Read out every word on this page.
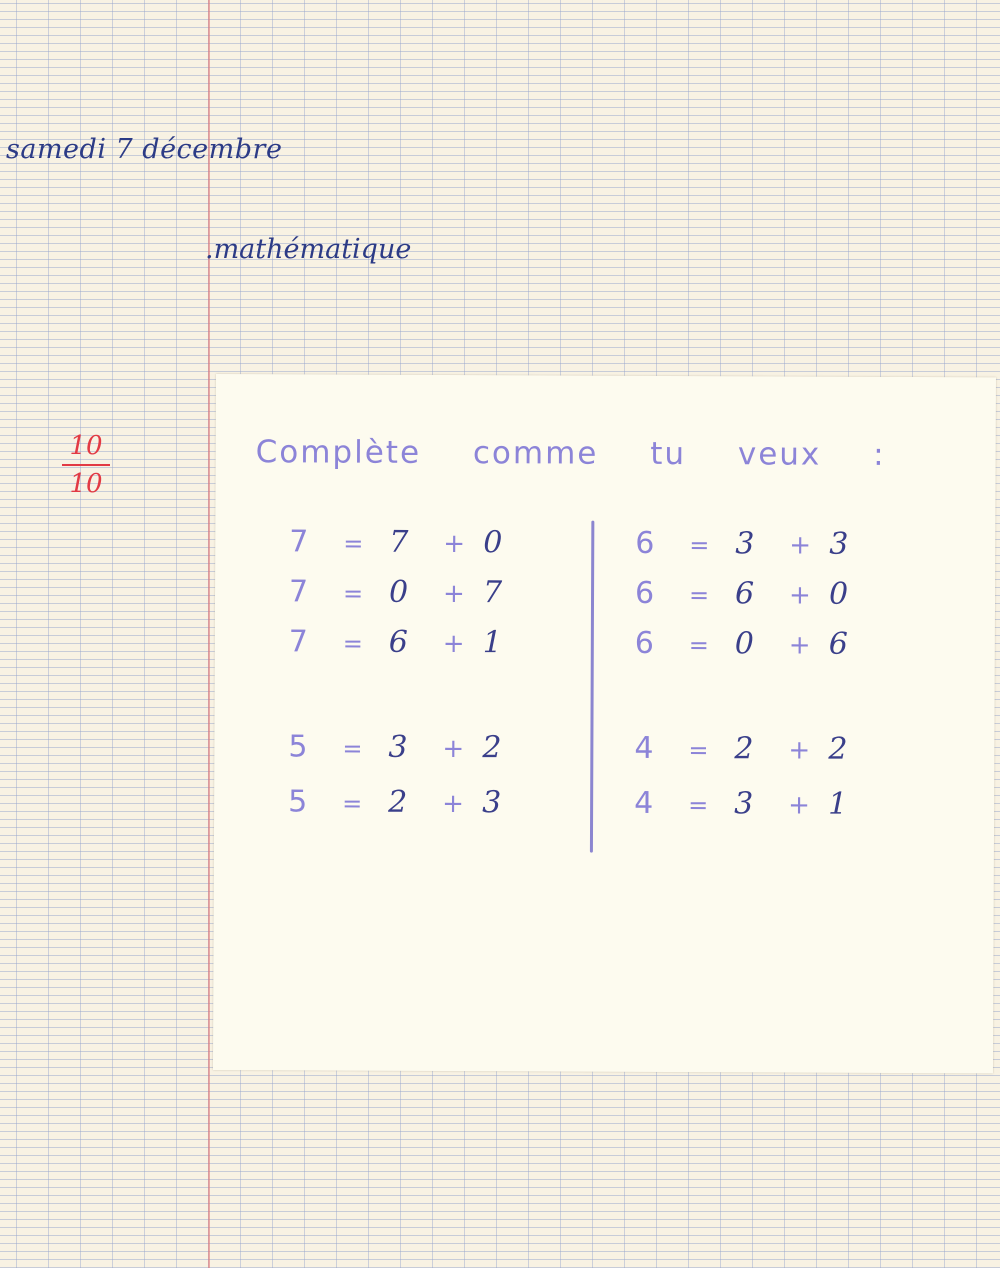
samedi 7 décembre
.mathématique
10
10
Complète comme tu veux :
7 = 7 + 0
7 = 0 + 7
7 = 6 + 1
5 = 3 + 2
5 = 2 + 3
6 = 3 + 3
6 = 6 + 0
6 = 0 + 6
4 = 2 + 2
4 = 3 + 1
